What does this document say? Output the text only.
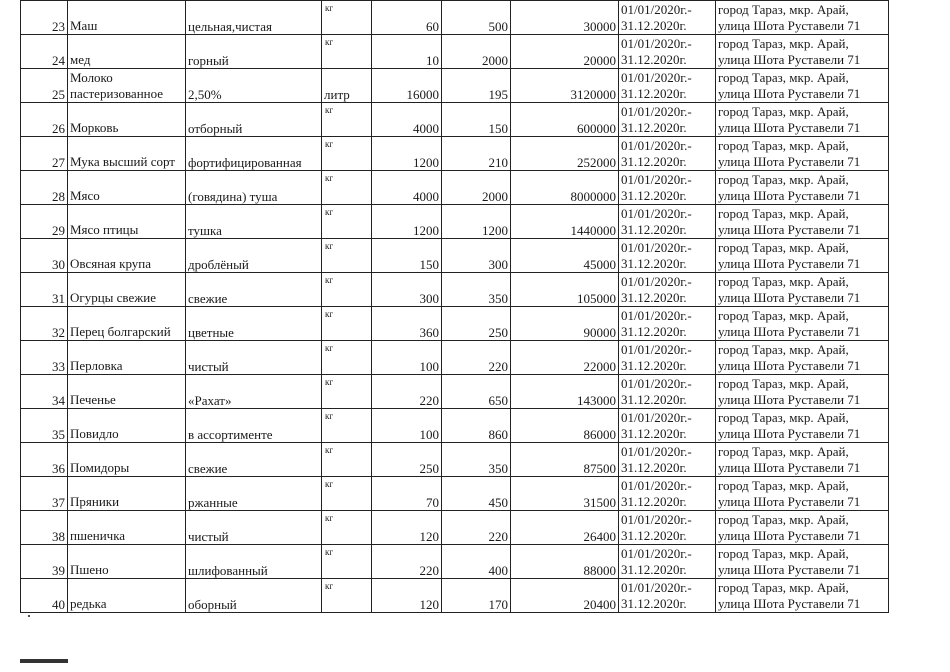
23	Маш	цельная,чистая	кг	60	500	30000	01/01/2020г.-
31.12.2020г.	город Тараз, мкр. Арай,
улица Шота Руставели 71

24	мед	горный	кг	10	2000	20000	01/01/2020г.-
31.12.2020г.	город Тараз, мкр. Арай,
улица Шота Руставели 71

25	Молоко пастеризованное	2,50%	литр	16000	195	3120000	01/01/2020г.-
31.12.2020г.	город Тараз, мкр. Арай,
улица Шота Руставели 71

26	Морковь	отборный	кг	4000	150	600000	01/01/2020г.-
31.12.2020г.	город Тараз, мкр. Арай,
улица Шота Руставели 71

27	Мука высший сорт	фортифицированная	кг	1200	210	252000	01/01/2020г.-
31.12.2020г.	город Тараз, мкр. Арай,
улица Шота Руставели 71

28	Мясо	(говядина) туша	кг	4000	2000	8000000	01/01/2020г.-
31.12.2020г.	город Тараз, мкр. Арай,
улица Шота Руставели 71

29	Мясо птицы	тушка	кг	1200	1200	1440000	01/01/2020г.-
31.12.2020г.	город Тараз, мкр. Арай,
улица Шота Руставели 71

30	Овсяная крупа	дроблёный	кг	150	300	45000	01/01/2020г.-
31.12.2020г.	город Тараз, мкр. Арай,
улица Шота Руставели 71

31	Огурцы свежие	свежие	кг	300	350	105000	01/01/2020г.-
31.12.2020г.	город Тараз, мкр. Арай,
улица Шота Руставели 71

32	Перец болгарский	цветные	кг	360	250	90000	01/01/2020г.-
31.12.2020г.	город Тараз, мкр. Арай,
улица Шота Руставели 71

33	Перловка	чистый	кг	100	220	22000	01/01/2020г.-
31.12.2020г.	город Тараз, мкр. Арай,
улица Шота Руставели 71

34	Печенье	«Рахат»	кг	220	650	143000	01/01/2020г.-
31.12.2020г.	город Тараз, мкр. Арай,
улица Шота Руставели 71

35	Повидло	в ассортименте	кг	100	860	86000	01/01/2020г.-
31.12.2020г.	город Тараз, мкр. Арай,
улица Шота Руставели 71

36	Помидоры	свежие	кг	250	350	87500	01/01/2020г.-
31.12.2020г.	город Тараз, мкр. Арай,
улица Шота Руставели 71

37	Пряники	ржанные	кг	70	450	31500	01/01/2020г.-
31.12.2020г.	город Тараз, мкр. Арай,
улица Шота Руставели 71

38	пшеничка	чистый	кг	120	220	26400	01/01/2020г.-
31.12.2020г.	город Тараз, мкр. Арай,
улица Шота Руставели 71

39	Пшено	шлифованный	кг	220	400	88000	01/01/2020г.-
31.12.2020г.	город Тараз, мкр. Арай,
улица Шота Руставели 71

40	редька	оборный	кг	120	170	20400	01/01/2020г.-
31.12.2020г.	город Тараз, мкр. Арай,
улица Шота Руставели 71
